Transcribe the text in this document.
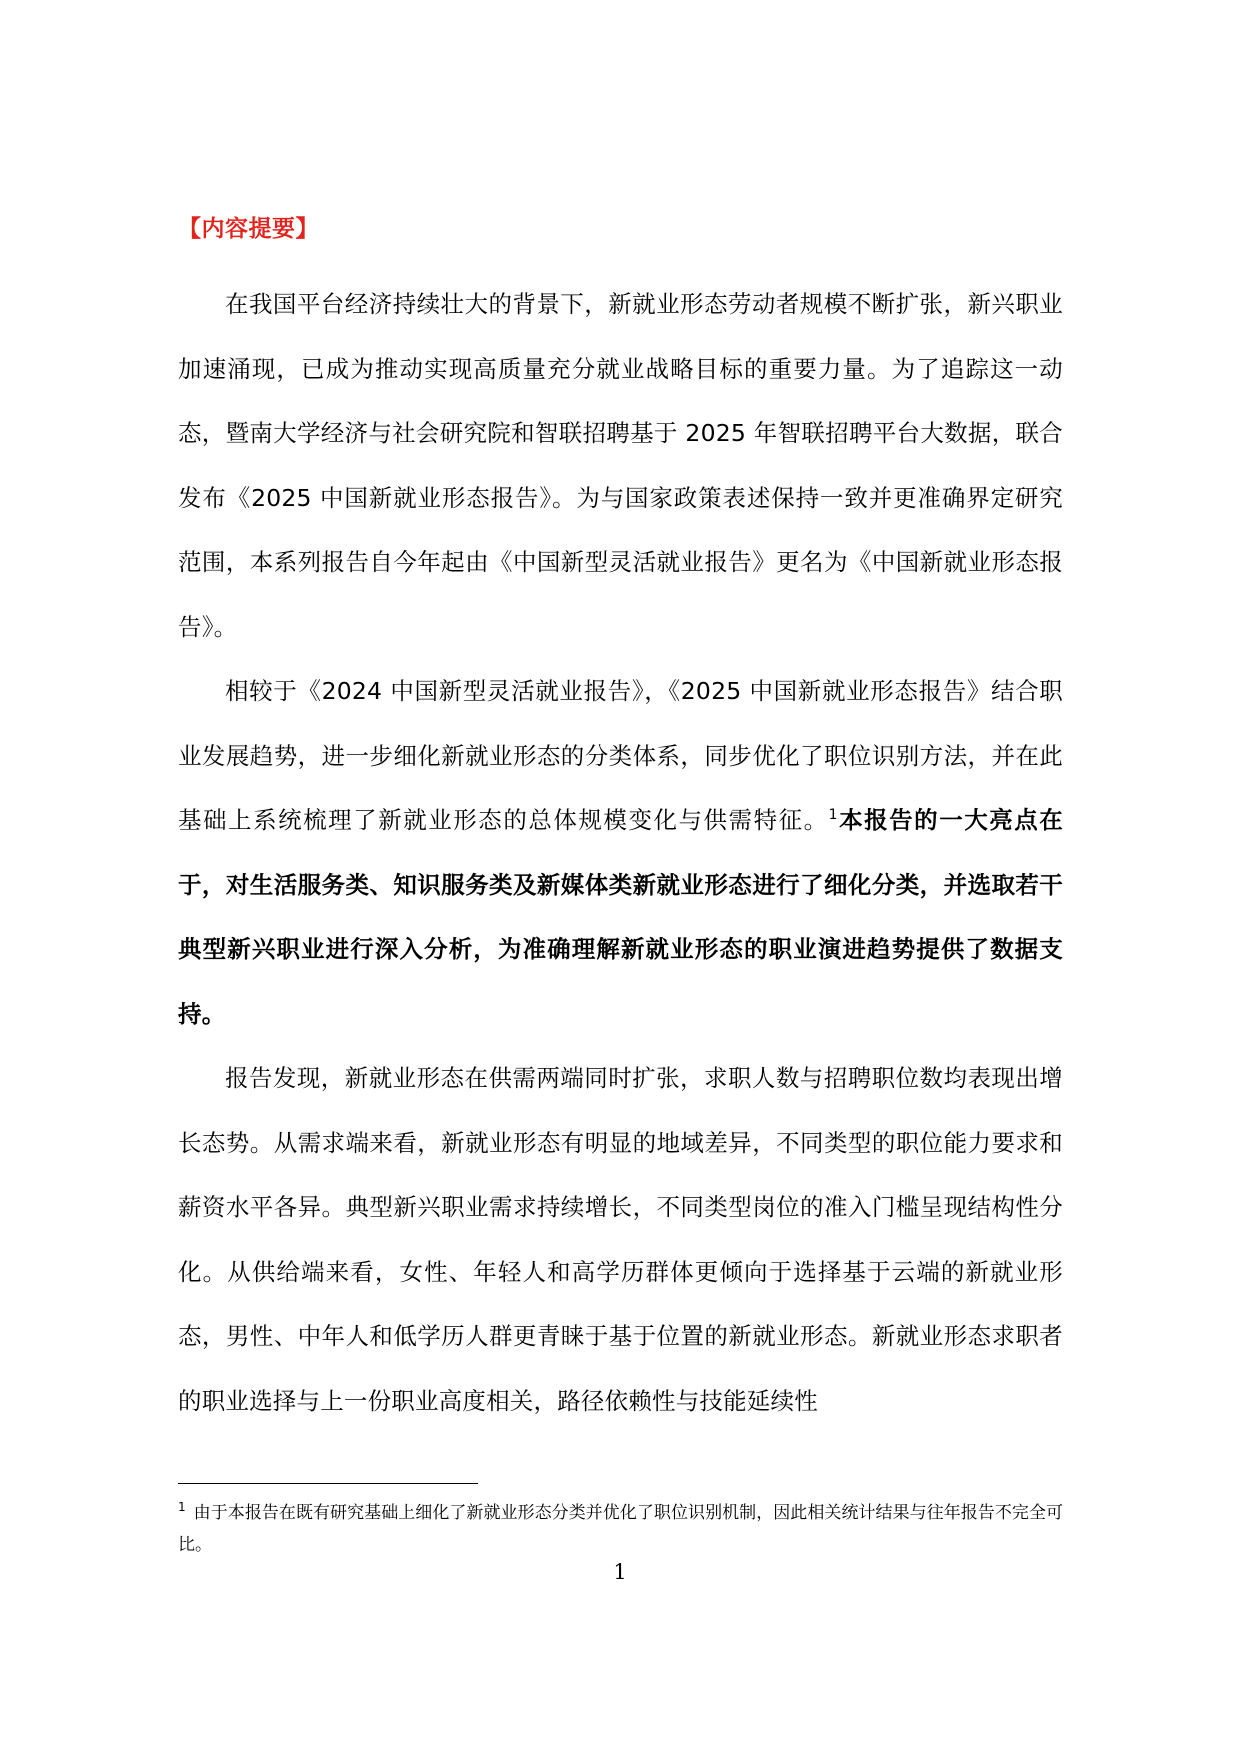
【内容提要】

在我国平台经济持续壮大的背景下，新就业形态劳动者规模不断扩张，新兴职业加速涌现，已成为推动实现高质量充分就业战略目标的重要力量。为了追踪这一动态，暨南大学经济与社会研究院和智联招聘基于 2025 年智联招聘平台大数据，联合发布《2025 中国新就业形态报告》。为与国家政策表述保持一致并更准确界定研究范围，本系列报告自今年起由《中国新型灵活就业报告》更名为《中国新就业形态报告》。

相较于《2024 中国新型灵活就业报告》，《2025 中国新就业形态报告》结合职业发展趋势，进一步细化新就业形态的分类体系，同步优化了职位识别方法，并在此基础上系统梳理了新就业形态的总体规模变化与供需特征。$^1$本报告的一大亮点在于，对生活服务类、知识服务类及新媒体类新就业形态进行了细化分类，并选取若干典型新兴职业进行深入分析，为准确理解新就业形态的职业演进趋势提供了数据支持。

报告发现，新就业形态在供需两端同时扩张，求职人数与招聘职位数均表现出增长态势。从需求端来看，新就业形态有明显的地域差异，不同类型的职位能力要求和薪资水平各异。典型新兴职业需求持续增长，不同类型岗位的准入门槛呈现结构性分化。从供给端来看，女性、年轻人和高学历群体更倾向于选择基于云端的新就业形态，男性、中年人和低学历人群更青睐于基于位置的新就业形态。新就业形态求职者的职业选择与上一份职业高度相关，路径依赖性与技能延续性

$^1$ 由于本报告在既有研究基础上细化了新就业形态分类并优化了职位识别机制，因此相关统计结果与往年报告不完全可比。
1
